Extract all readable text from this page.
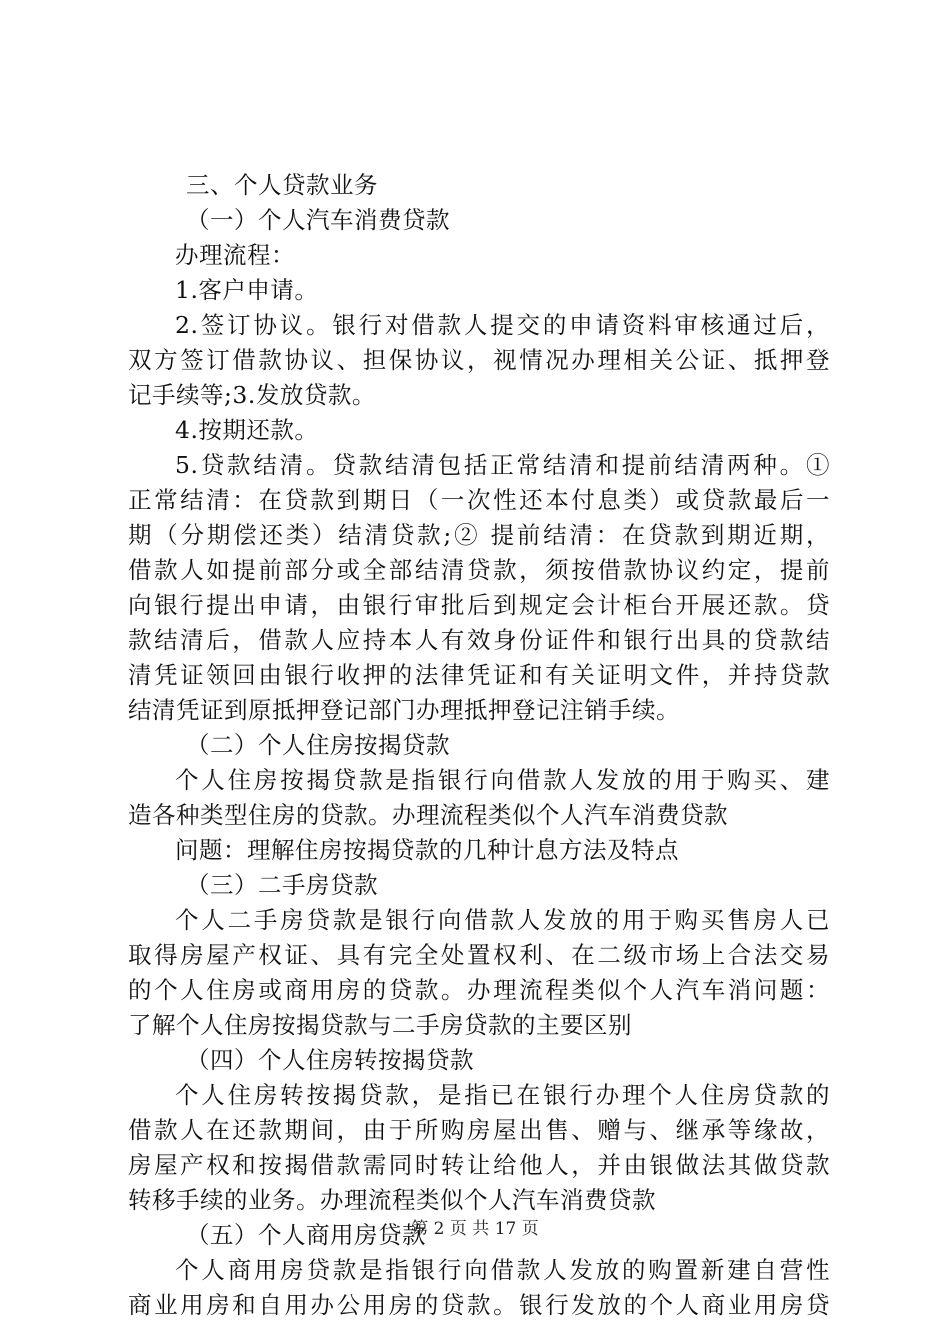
三、个人贷款业务
（一）个人汽车消费贷款
办理流程：
1.客户申请。
2.签订协议。银行对借款人提交的申请资料审核通过后，
双方签订借款协议、担保协议，视情况办理相关公证、抵押登
记手续等;3.发放贷款。
4.按期还款。
5.贷款结清。贷款结清包括正常结清和提前结清两种。①
正常结清：在贷款到期日（一次性还本付息类）或贷款最后一
期（分期偿还类）结清贷款;② 提前结清：在贷款到期近期，
借款人如提前部分或全部结清贷款，须按借款协议约定，提前
向银行提出申请，由银行审批后到规定会计柜台开展还款。贷
款结清后，借款人应持本人有效身份证件和银行出具的贷款结
清凭证领回由银行收押的法律凭证和有关证明文件，并持贷款
结清凭证到原抵押登记部门办理抵押登记注销手续。
（二）个人住房按揭贷款
个人住房按揭贷款是指银行向借款人发放的用于购买、建
造各种类型住房的贷款。办理流程类似个人汽车消费贷款
问题：理解住房按揭贷款的几种计息方法及特点
（三）二手房贷款
个人二手房贷款是银行向借款人发放的用于购买售房人已
取得房屋产权证、具有完全处置权利、在二级市场上合法交易
的个人住房或商用房的贷款。办理流程类似个人汽车消问题：
了解个人住房按揭贷款与二手房贷款的主要区别
（四）个人住房转按揭贷款
个人住房转按揭贷款，是指已在银行办理个人住房贷款的
借款人在还款期间，由于所购房屋出售、赠与、继承等缘故，
房屋产权和按揭借款需同时转让给他人，并由银做法其做贷款
转移手续的业务。办理流程类似个人汽车消费贷款
（五）个人商用房贷款
个人商用房贷款是指银行向借款人发放的购置新建自营性
商业用房和自用办公用房的贷款。银行发放的个人商业用房贷
第 2 页 共 17 页
